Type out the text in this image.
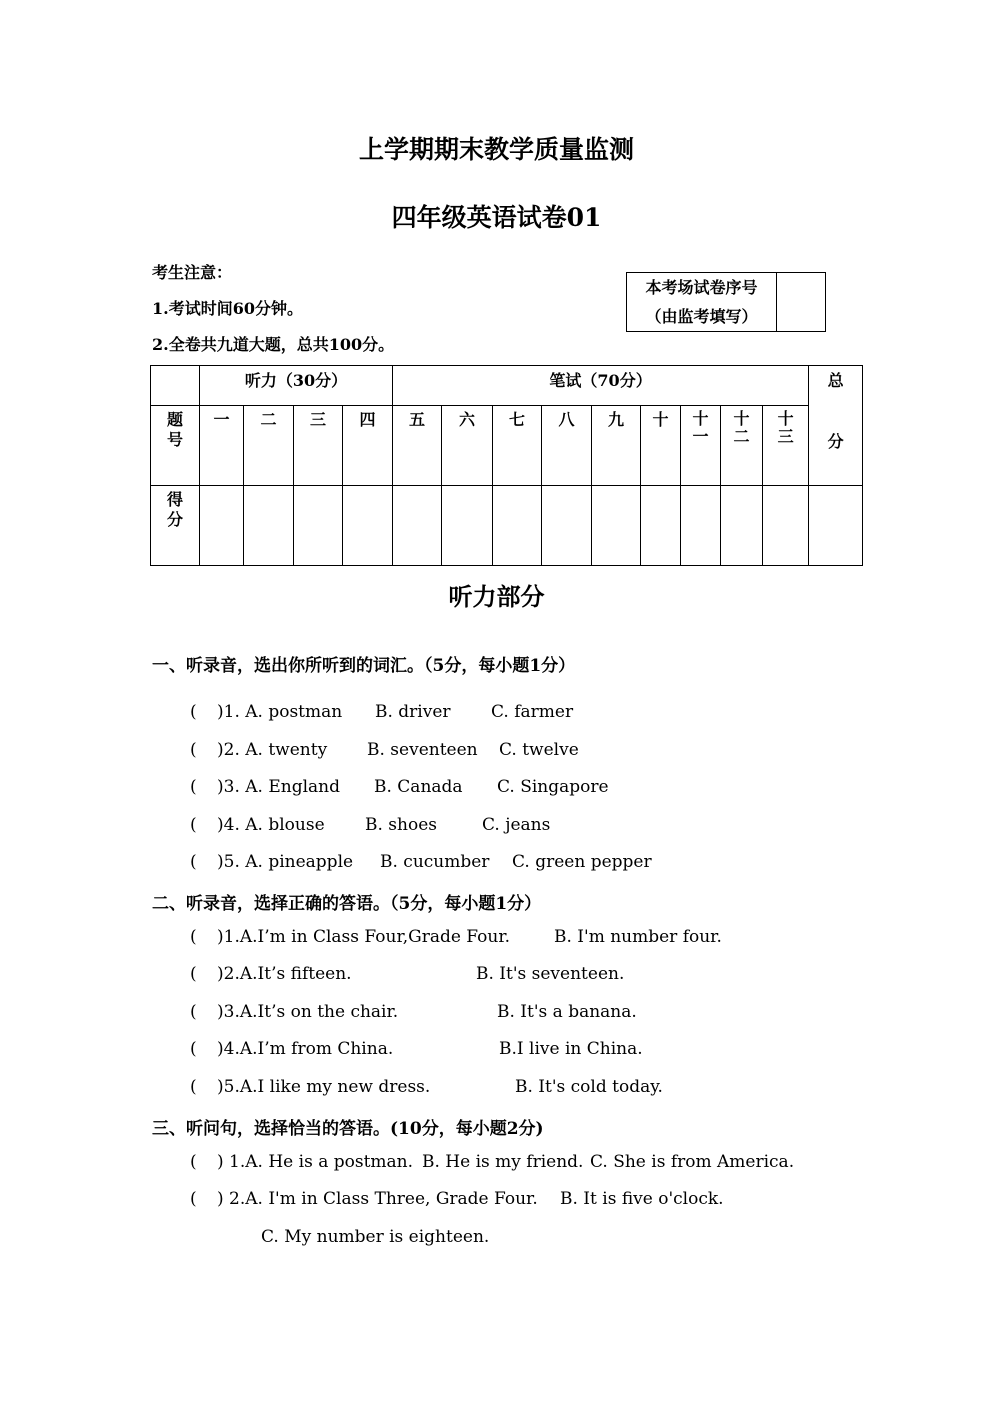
上学期期末教学质量监测
四年级英语试卷01
考生注意：
1.考试时间60分钟。
2.全卷共九道大题，总共100分。
本考场试卷序号
（由监考填写）
	听力（30分）				笔试（70分）									总
分

题号	一	二	三	四	五	六	七	八	九	十	十一	十二	十三	

得分														

听力部分
一、听录音，选出你所听到的词汇。（5分，每小题1分）
( )1. A. postman B. driver C. farmer
( )2. A. twenty B. seventeen C. twelve
( )3. A. England B. Canada C. Singapore
( )4. A. blouse B. shoes	C. jeans
( )5. A. pineapple B. cucumber C. green pepper
二、听录音，选择正确的答语。（5分，每小题1分）
( )1.A.I’m in Class Four,Grade Four.	B. I'm number four.
( )2.A.It’s fifteen.	B. It's seventeen.
( )3.A.It’s on the chair.	B. It's a banana.
( )4.A.I’m from China.	B.I live in China.
( )5.A.I like my new dress.	B. It's cold today.
三、听问句，选择恰当的答语。(10分，每小题2分)
( ) 1.A. He is a postman. B. He is my friend. C. She is from America.
( ) 2.A. I'm in Class Three, Grade Four. B. It is five o'clock.
C. My number is eighteen.
